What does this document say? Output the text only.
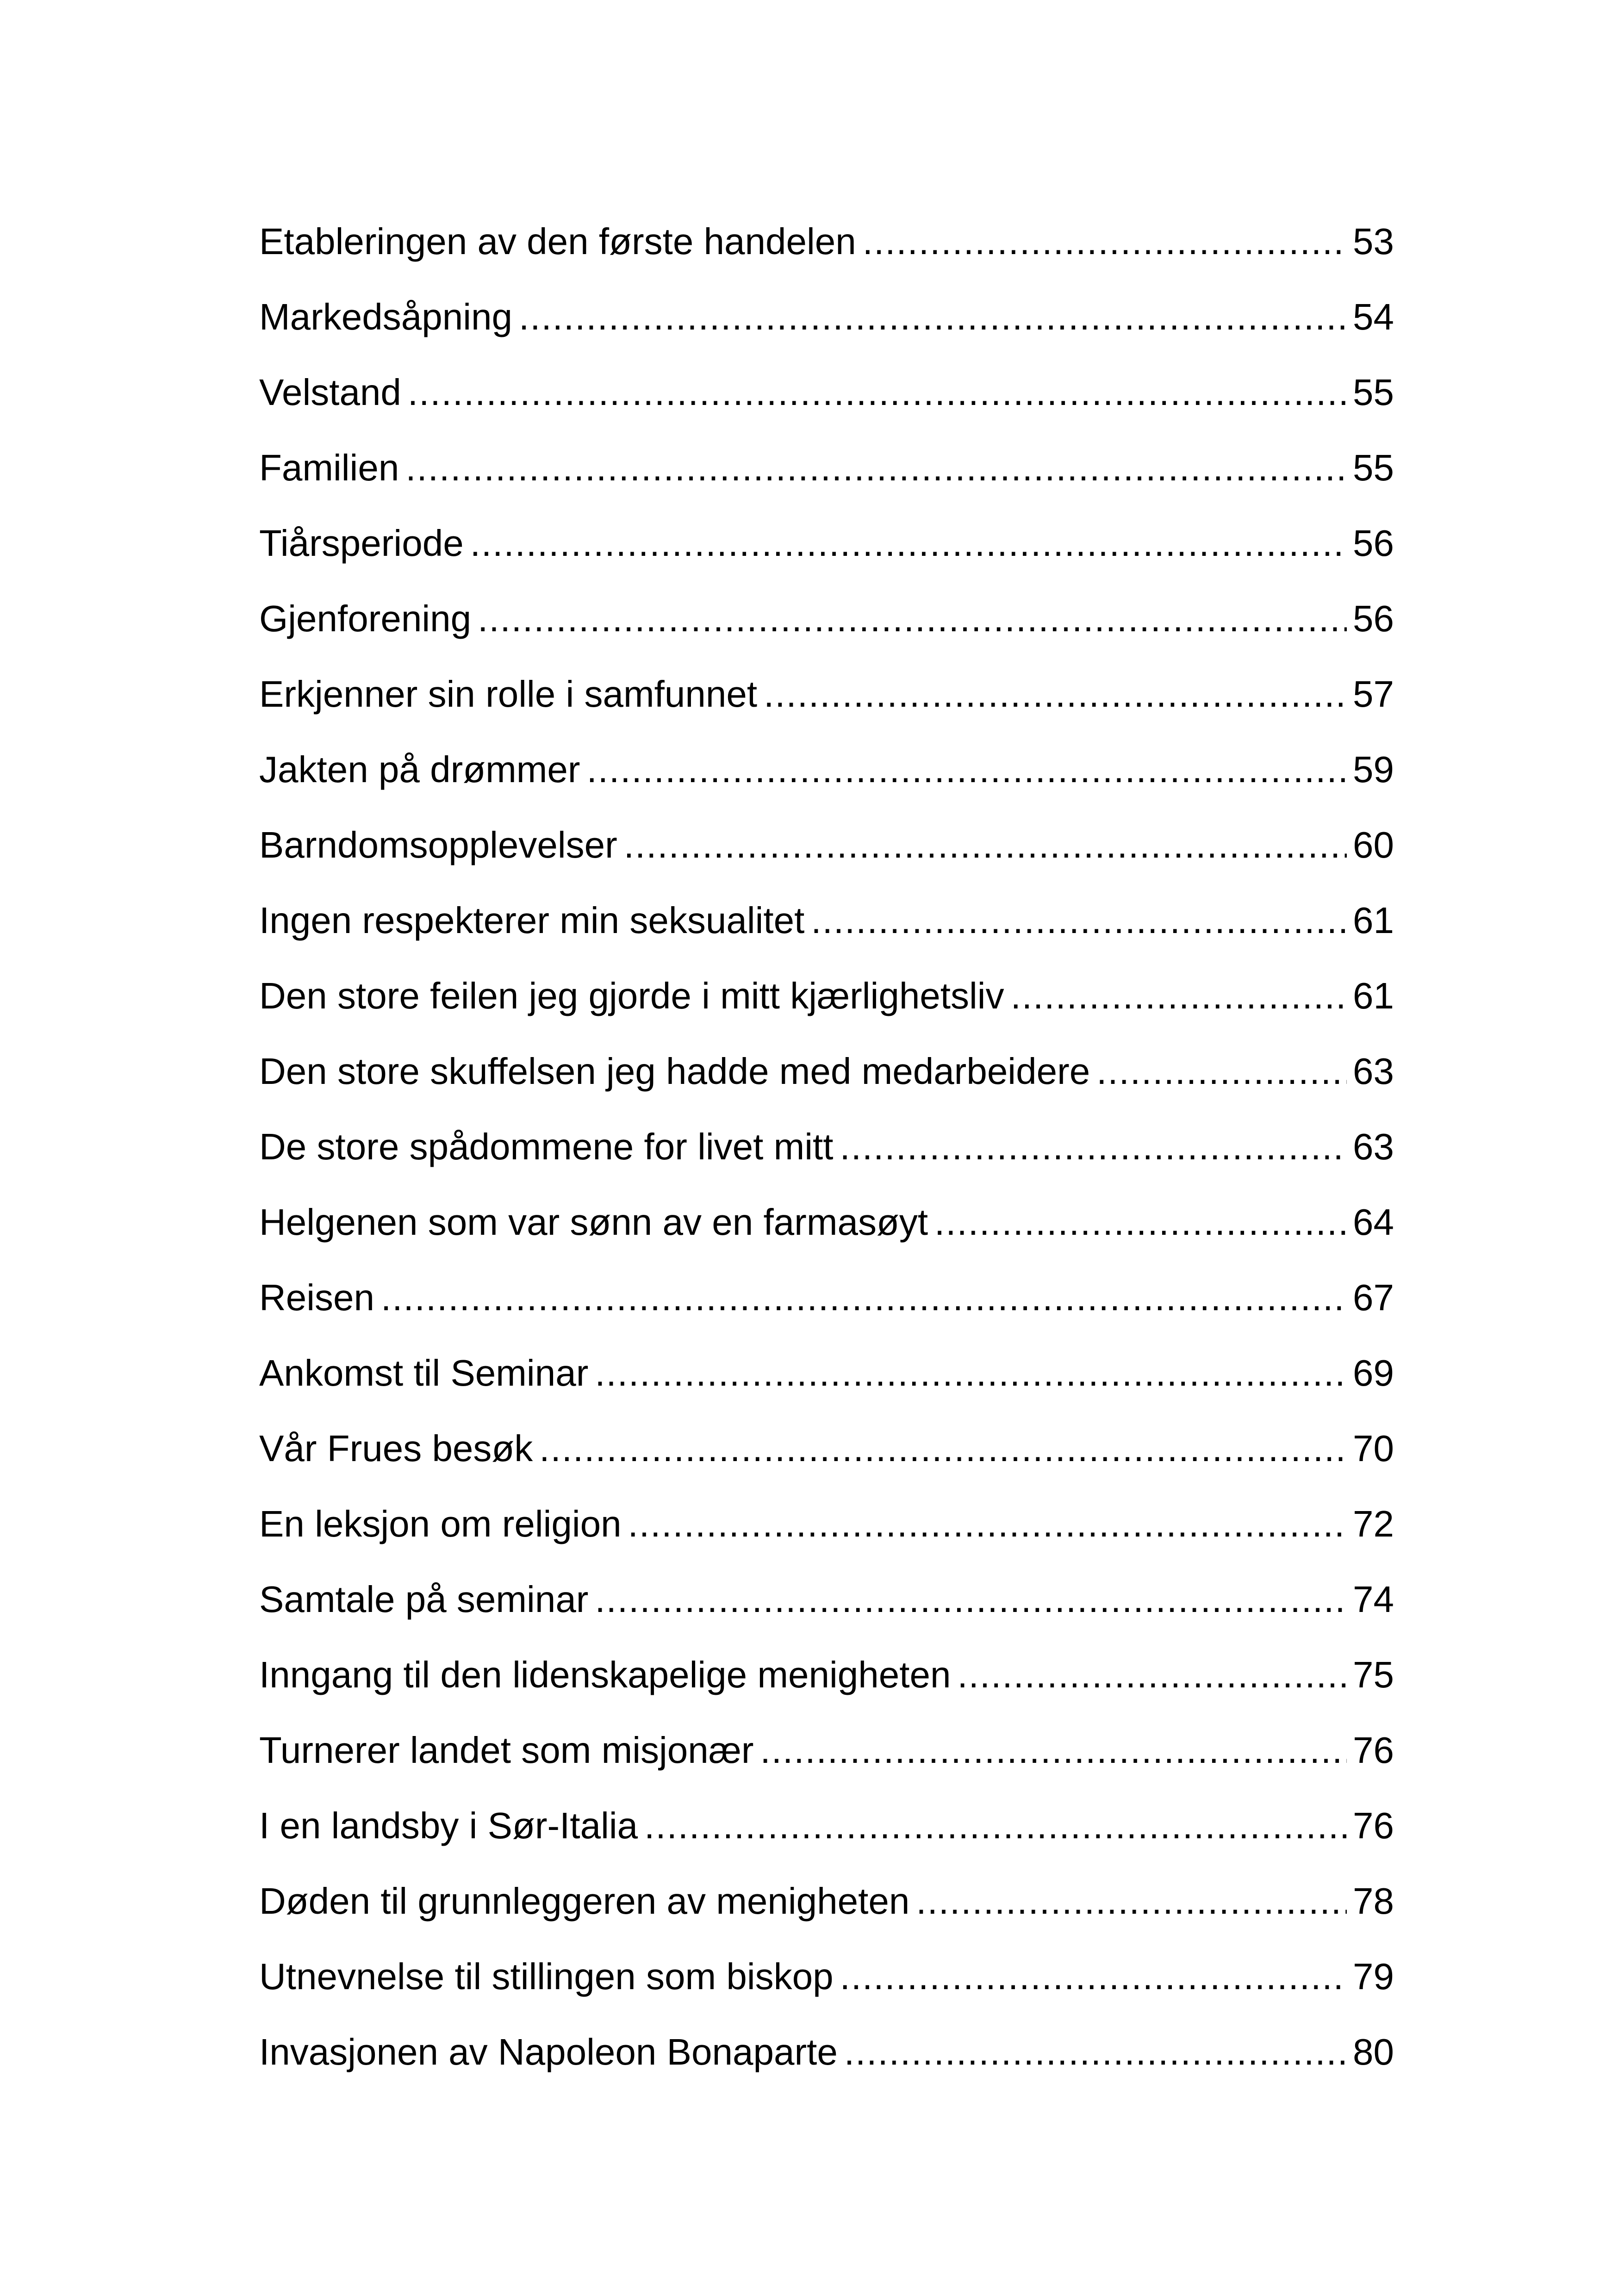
Etableringen av den første handelen .....	53
Markedsåpning .....	54
Velstand .....	55
Familien .....	55
Tiårsperiode .....	56
Gjenforening .....	56
Erkjenner sin rolle i samfunnet .....	57
Jakten på drømmer .....	59
Barndomsopplevelser .....	60
Ingen respekterer min seksualitet .....	61
Den store feilen jeg gjorde i mitt kjærlighetsliv .....	61
Den store skuffelsen jeg hadde med medarbeidere .....	63
De store spådommene for livet mitt .....	63
Helgenen som var sønn av en farmasøyt .....	64
Reisen .....	67
Ankomst til Seminar .....	69
Vår Frues besøk .....	70
En leksjon om religion .....	72
Samtale på seminar .....	74
Inngang til den lidenskapelige menigheten .....	75
Turnerer landet som misjonær .....	76
I en landsby i Sør-Italia .....	76
Døden til grunnleggeren av menigheten .....	78
Utnevnelse til stillingen som biskop .....	79
Invasjonen av Napoleon Bonaparte .....	80
